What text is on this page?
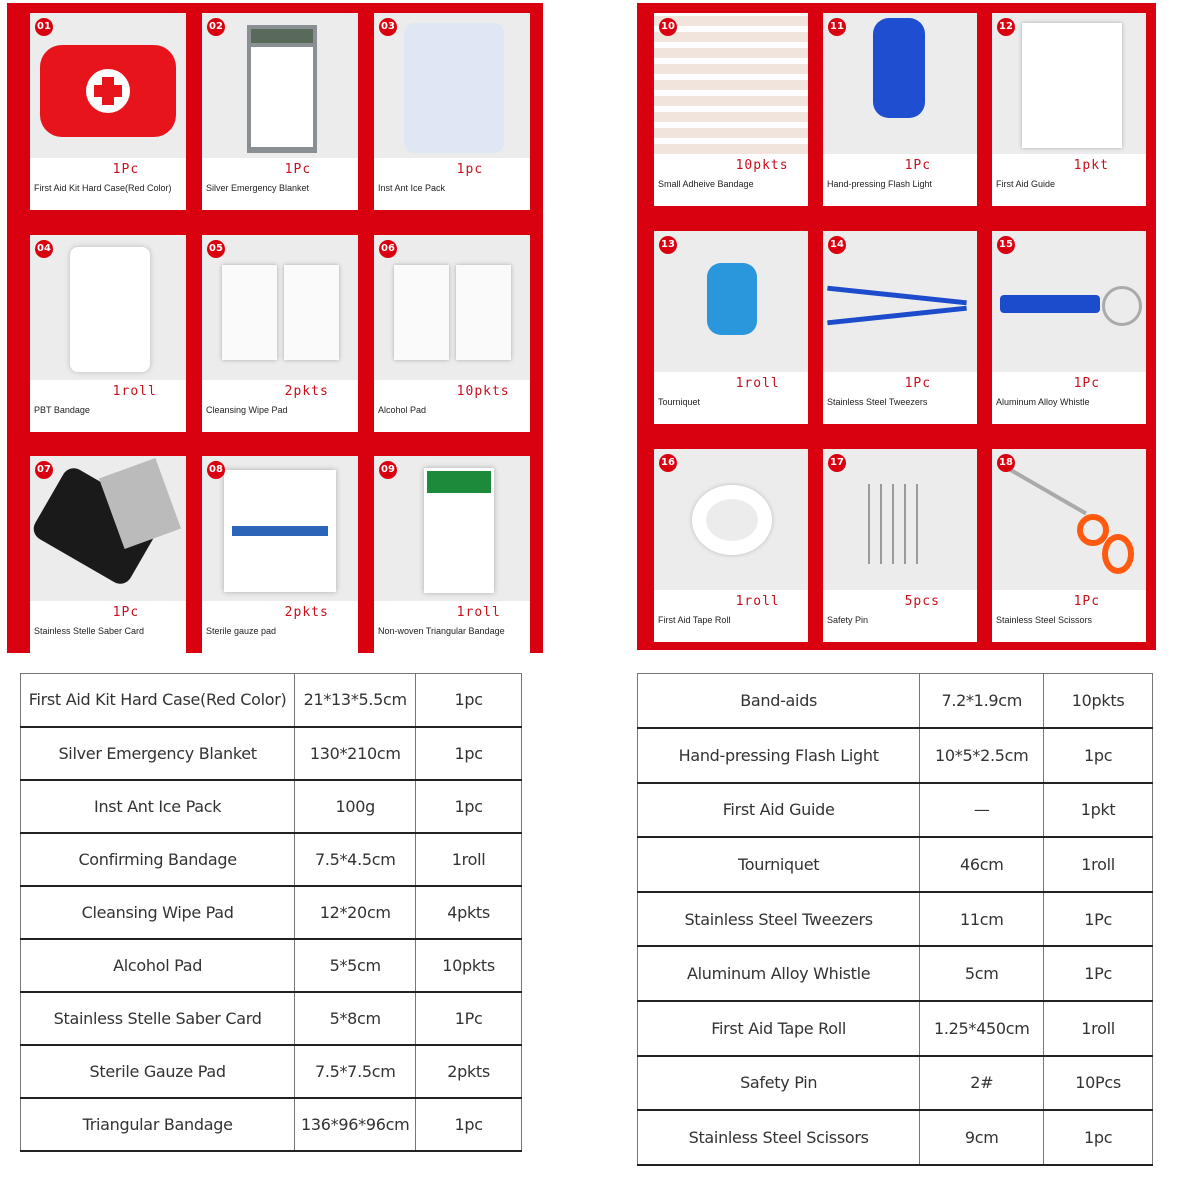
01
1Pc
First Aid Kit Hard Case(Red Color)
02
1Pc
Silver Emergency Blanket
03
1pc
Inst Ant Ice Pack
04
1roll
PBT Bandage
05
2pkts
Cleansing Wipe Pad
06
10pkts
Alcohol Pad
07
1Pc
Stainless Stelle Saber Card
08
2pkts
Sterile gauze pad
09
1roll
Non-woven Triangular Bandage
10
10pkts
Small Adheive Bandage
11
1Pc
Hand-pressing Flash Light
12
1pkt
First Aid Guide
13
1roll
Tourniquet
14
1Pc
Stainless Steel Tweezers
15
1Pc
Aluminum Alloy Whistle
16
1roll
First Aid Tape Roll
17
5pcs
Safety Pin
18
1Pc
Stainless Steel Scissors
First Aid Kit Hard Case(Red Color)	21*13*5.5cm	1pc
Silver Emergency Blanket	130*210cm	1pc
Inst Ant Ice Pack	100g	1pc
Confirming Bandage	7.5*4.5cm	1roll
Cleansing Wipe Pad	12*20cm	4pkts
Alcohol Pad	5*5cm	10pkts
Stainless Stelle Saber Card	5*8cm	1Pc
Sterile Gauze Pad	7.5*7.5cm	2pkts
Triangular Bandage	136*96*96cm	1pc
Band-aids	7.2*1.9cm	10pkts
Hand-pressing Flash Light	10*5*2.5cm	1pc
First Aid Guide	—	1pkt
Tourniquet	46cm	1roll
Stainless Steel Tweezers	11cm	1Pc
Aluminum Alloy Whistle	5cm	1Pc
First Aid Tape Roll	1.25*450cm	1roll
Safety Pin	2#	10Pcs
Stainless Steel Scissors	9cm	1pc
